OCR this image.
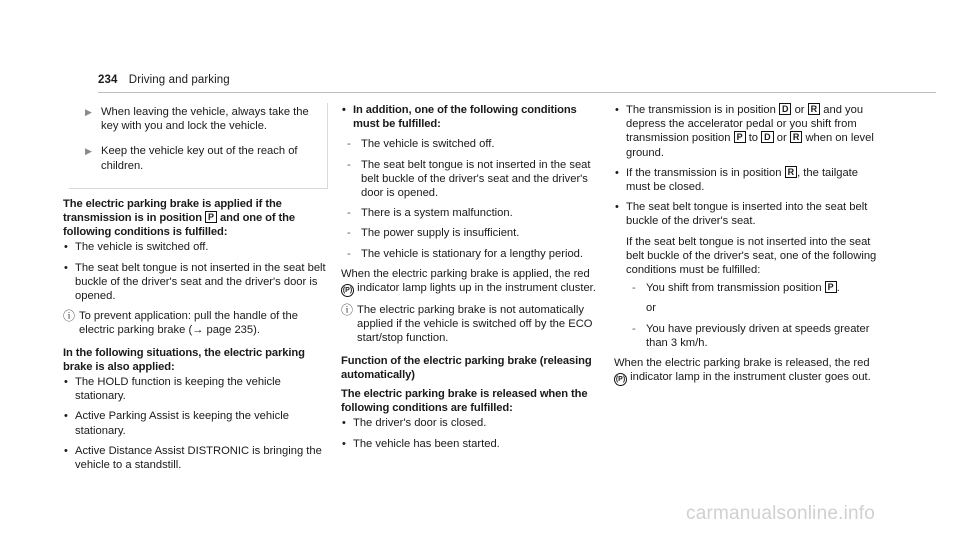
234 Driving and parking
▶ When leaving the vehicle, always take the key with you and lock the vehicle.
▶ Keep the vehicle key out of the reach of children.
The electric parking brake is applied if the transmission is in position P and one of the following conditions is fulfilled:
• The vehicle is switched off.
• The seat belt tongue is not inserted in the seat belt buckle of the driver's seat and the driver's door is opened.
ⓘ To prevent application: pull the handle of the electric parking brake (→ page 235).
In the following situations, the electric parking brake is also applied:
• The HOLD function is keeping the vehicle stationary.
• Active Parking Assist is keeping the vehicle stationary.
• Active Distance Assist DISTRONIC is bringing the vehicle to a standstill.
• In addition, one of the following conditions must be fulfilled:
- The vehicle is switched off.
- The seat belt tongue is not inserted in the seat belt buckle of the driver's seat and the driver's door is opened.
- There is a system malfunction.
- The power supply is insufficient.
- The vehicle is stationary for a lengthy period.
When the electric parking brake is applied, the red (P) indicator lamp lights up in the instrument cluster.
ⓘ The electric parking brake is not automatically applied if the vehicle is switched off by the ECO start/stop function.
Function of the electric parking brake (releasing automatically)
The electric parking brake is released when the following conditions are fulfilled:
• The driver's door is closed.
• The vehicle has been started.
• The transmission is in position D or R and you depress the accelerator pedal or you shift from transmission position P to D or R when on level ground.
• If the transmission is in position R , the tailgate must be closed.
• The seat belt tongue is inserted into the seat belt buckle of the driver's seat.
If the seat belt tongue is not inserted into the seat belt buckle of the driver's seat, one of the following conditions must be fulfilled:
- You shift from transmission position P .
or
- You have previously driven at speeds greater than 3 km/h.
When the electric parking brake is released, the red (P) indicator lamp in the instrument cluster goes out.
carmanualsonline.info
